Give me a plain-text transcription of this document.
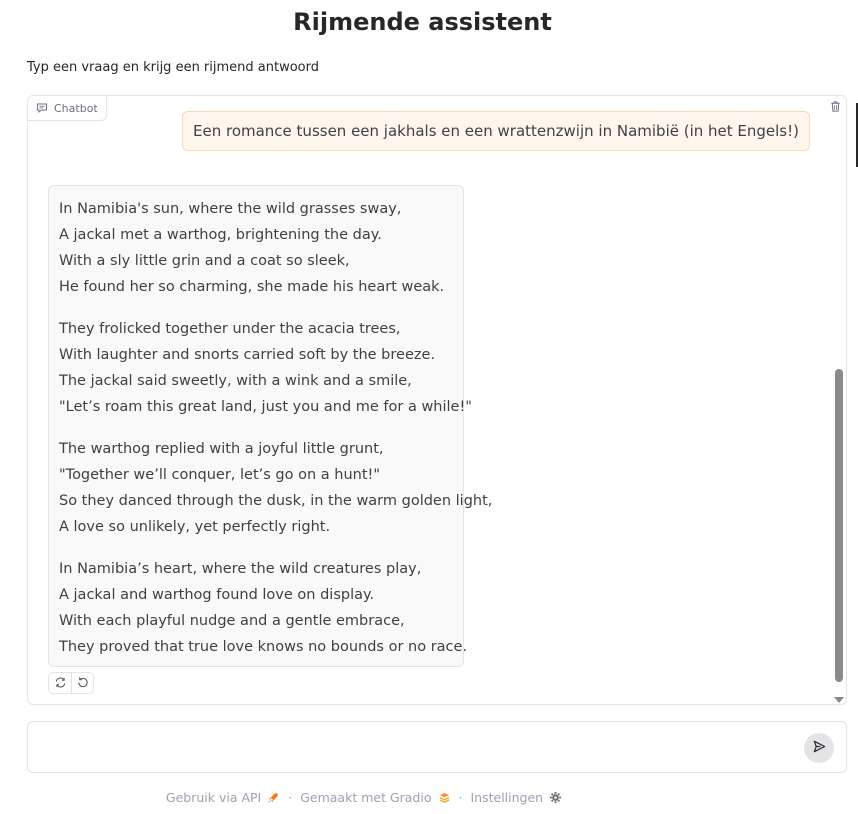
Rijmende assistent
Typ een vraag en krijg een rijmend antwoord
Chatbot
Een romance tussen een jakhals en een wrattenzwijn in Namibië (in het Engels!)
In Namibia's sun, where the wild grasses sway,
A jackal met a warthog, brightening the day.
With a sly little grin and a coat so sleek,
He found her so charming, she made his heart weak.
They frolicked together under the acacia trees,
With laughter and snorts carried soft by the breeze.
The jackal said sweetly, with a wink and a smile,
"Let’s roam this great land, just you and me for a while!"
The warthog replied with a joyful little grunt,
"Together we’ll conquer, let’s go on a hunt!"
So they danced through the dusk, in the warm golden light,
A love so unlikely, yet perfectly right.
In Namibia’s heart, where the wild creatures play,
A jackal and warthog found love on display.
With each playful nudge and a gentle embrace,
They proved that true love knows no bounds or no race.
Gebruik via API · Gemaakt met Gradio · Instellingen
